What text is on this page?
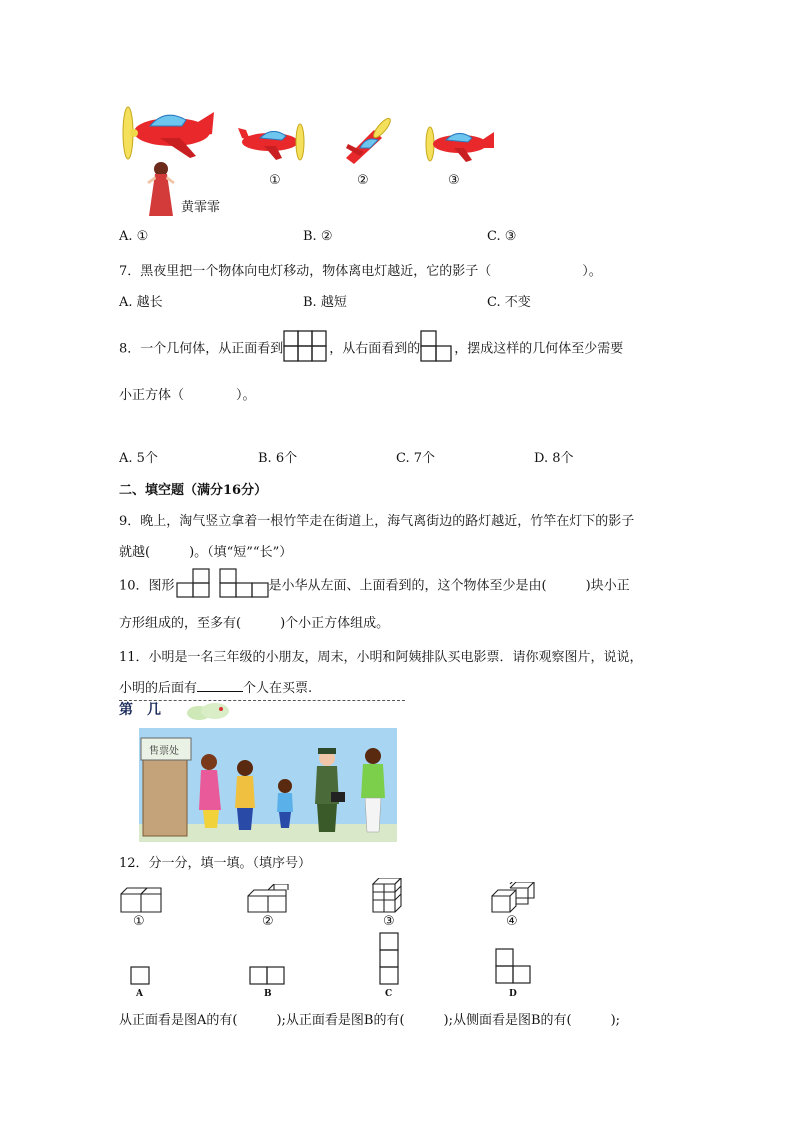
黄霏霏
①	②	③
A. ①	B. ②	C. ③
7．黑夜里把一个物体向电灯移动，物体离电灯越近，它的影子（　　　　　　　）。
A. 越长	B. 越短	C. 不变
8．一个几何体，从正面看到	，从右面看到的	，摆成这样的几何体至少需要
小正方体（　　　　）。
A. 5个	B. 6个	C. 7个	D. 8个
二、填空题（满分16分）
9．晚上，淘气竖立拿着一根竹竿走在街道上，海气离街边的路灯越近，竹竿在灯下的影子
就越(　　　)。（填“短”“长”）
10．图形	是小华从左面、上面看到的，这个物体至少是由(　　　)块小正
方形组成的，至多有(　　　)个小正方体组成。
11．小明是一名三年级的小朋友，周末，小明和阿姨排队买电影票．请你观察图片，说说，
小明的后面有	个人在买票.
第　几
售票处
12．分一分，填一填。（填序号）
①	②	③	④
A	B	C	D
从正面看是图A的有(　　　);从正面看是图B的有(　　　);从侧面看是图B的有(　　　);
